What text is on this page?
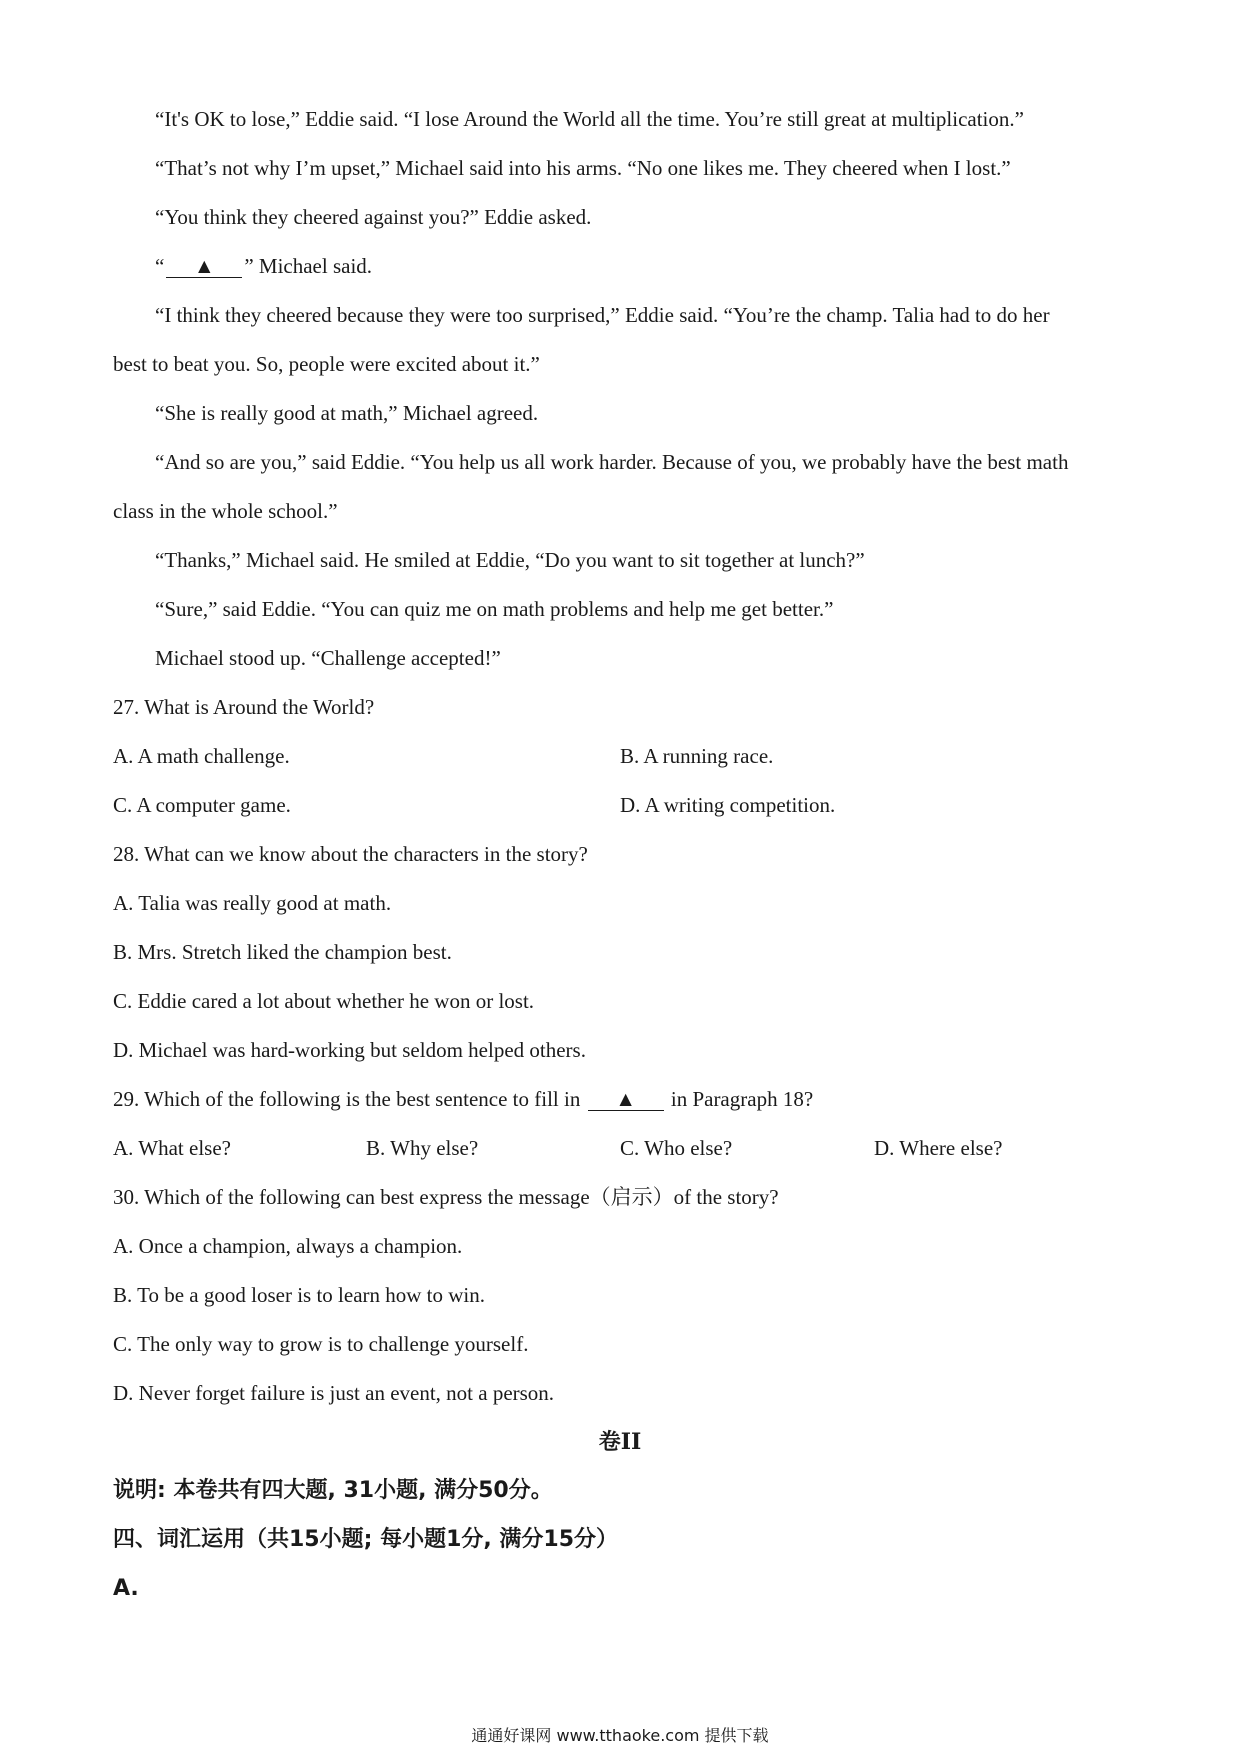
“It's OK to lose,” Eddie said. “I lose Around the World all the time. You’re still great at multiplication.”
“That’s not why I’m upset,” Michael said into his arms. “No one likes me. They cheered when I lost.”
“You think they cheered against you?” Eddie asked.
“ ▲ ” Michael said.
“I think they cheered because they were too surprised,” Eddie said. “You’re the champ. Talia had to do her
best to beat you. So, people were excited about it.”
“She is really good at math,” Michael agreed.
“And so are you,” said Eddie. “You help us all work harder. Because of you, we probably have the best math
class in the whole school.”
“Thanks,” Michael said. He smiled at Eddie, “Do you want to sit together at lunch?”
“Sure,” said Eddie. “You can quiz me on math problems and help me get better.”
Michael stood up. “Challenge accepted!”
27. What is Around the World?
A. A math challenge.	B. A running race.
C. A computer game.	D. A writing competition.
28. What can we know about the characters in the story?
A. Talia was really good at math.
B. Mrs. Stretch liked the champion best.
C. Eddie cared a lot about whether he won or lost.
D. Michael was hard-working but seldom helped others.
29. Which of the following is the best sentence to fill in ▲ in Paragraph 18?
A. What else?	B. Why else?	C. Who else?	D. Where else?
30. Which of the following can best express the message（启示）of the story?
A. Once a champion, always a champion.
B. To be a good loser is to learn how to win.
C. The only way to grow is to challenge yourself.
D. Never forget failure is just an event, not a person.
卷II
说明: 本卷共有四大题, 31小题, 满分50分。
四、词汇运用（共15小题; 每小题1分, 满分15分）
A.
通通好课网 www.tthaoke.com 提供下载
